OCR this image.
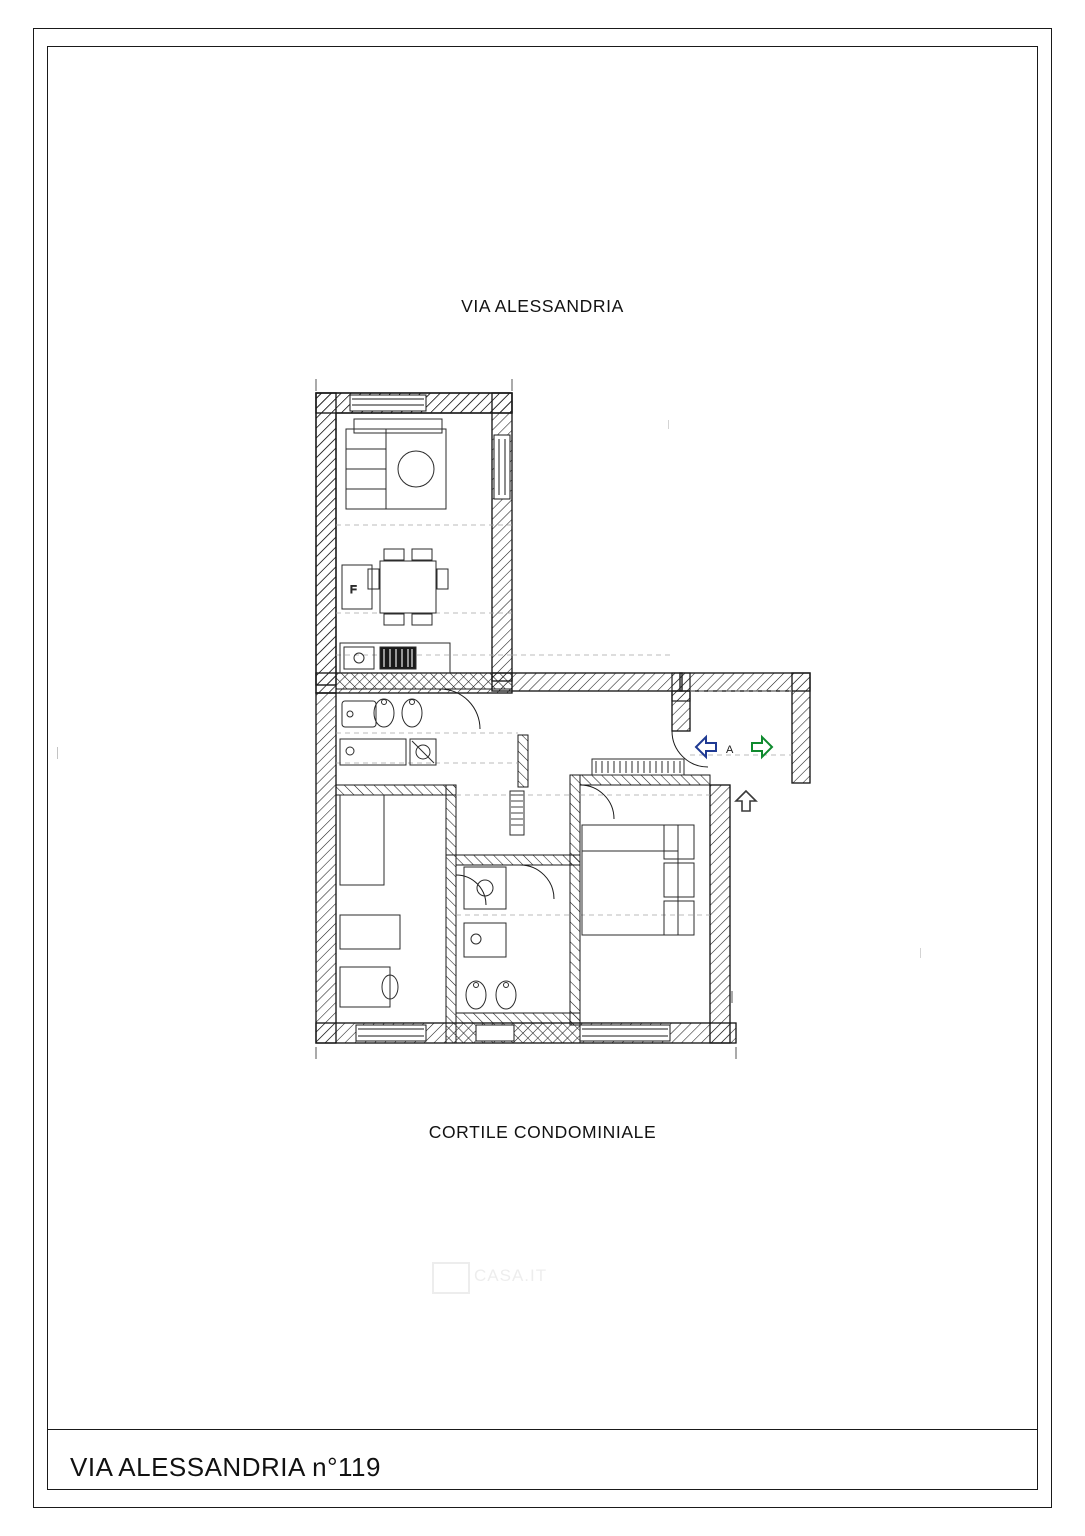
VIA ALESSANDRIA
CORTILE CONDOMINIALE
VIA ALESSANDRIA n°119
CASA.IT
F
A
